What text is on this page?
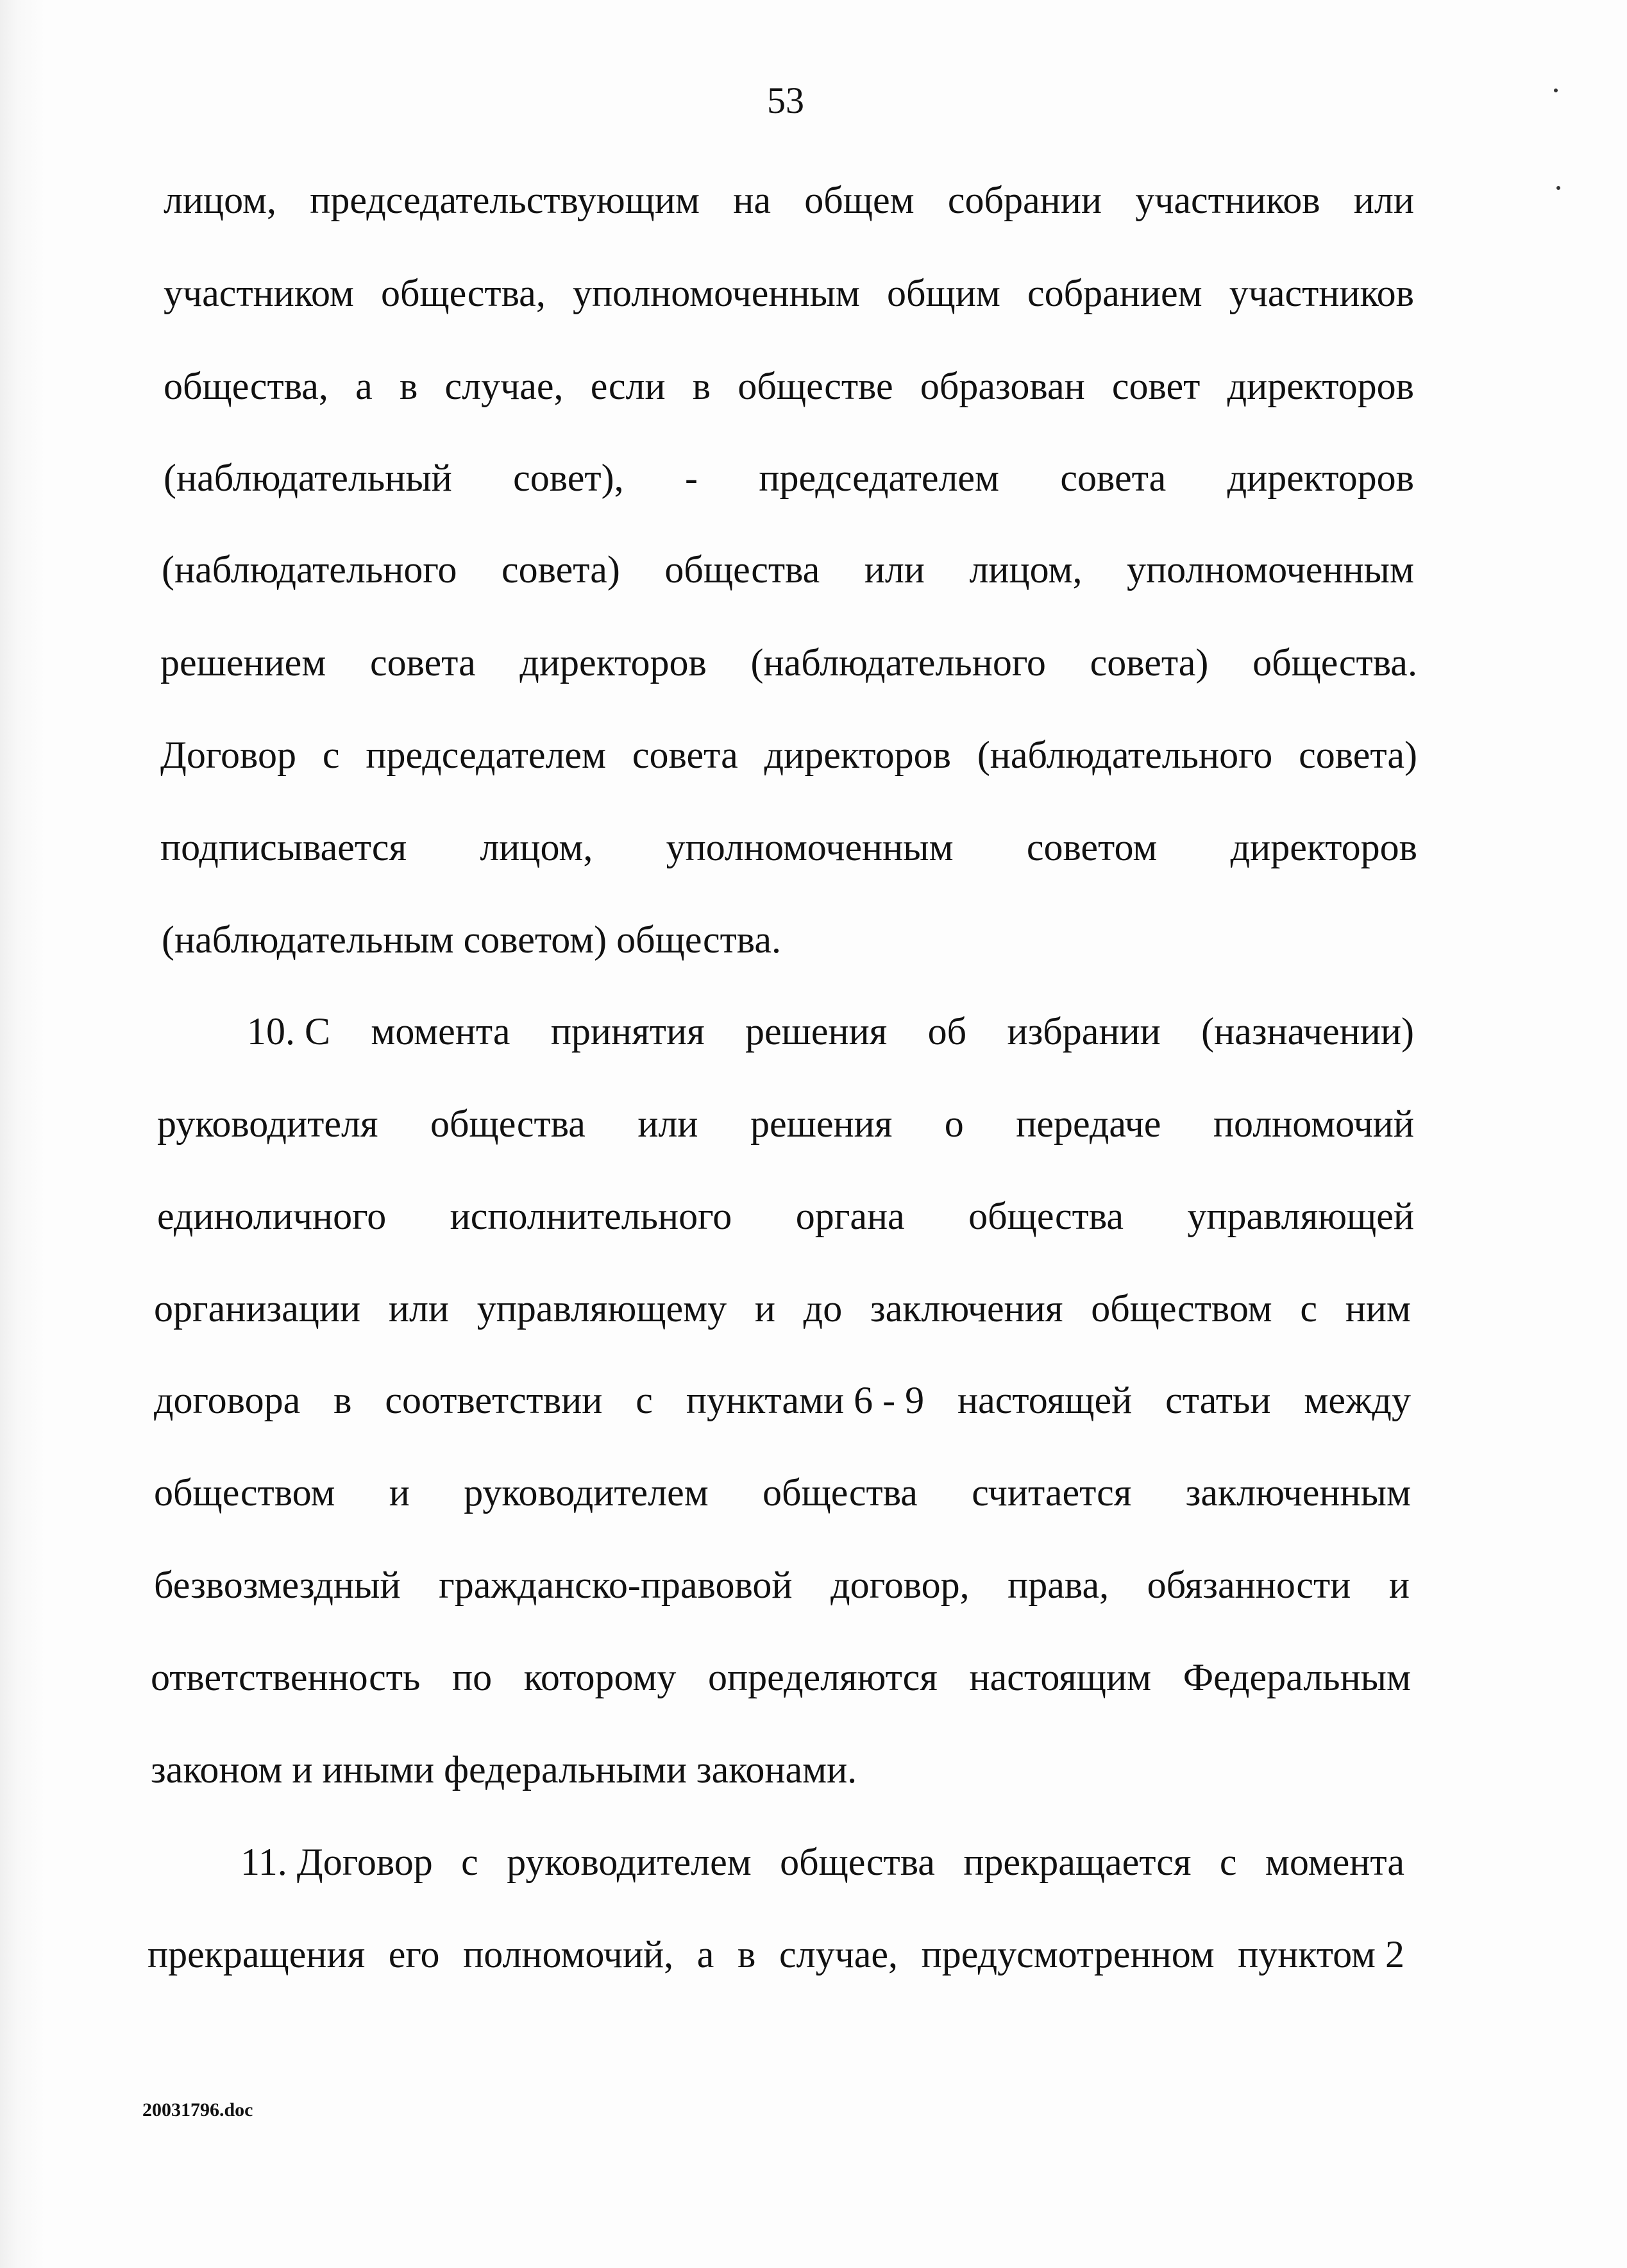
53
лицом, председательствующим на общем собрании участников или
участником общества, уполномоченным общим собранием участников
общества, а в случае, если в обществе образован совет директоров
(наблюдательный совет), - председателем совета директоров
(наблюдательного совета) общества или лицом, уполномоченным
решением совета директоров (наблюдательного совета) общества.
Договор с председателем совета директоров (наблюдательного совета)
подписывается лицом, уполномоченным советом директоров
(наблюдательным советом) общества.
10. С момента принятия решения об избрании (назначении)
руководителя общества или решения о передаче полномочий
единоличного исполнительного органа общества управляющей
организации или управляющему и до заключения обществом с ним
договора в соответствии с пунктами 6 - 9 настоящей статьи между
обществом и руководителем общества считается заключенным
безвозмездный гражданско-правовой договор, права, обязанности и
ответственность по которому определяются настоящим Федеральным
законом и иными федеральными законами.
11. Договор с руководителем общества прекращается с момента
прекращения его полномочий, а в случае, предусмотренном пунктом 2
20031796.doc
